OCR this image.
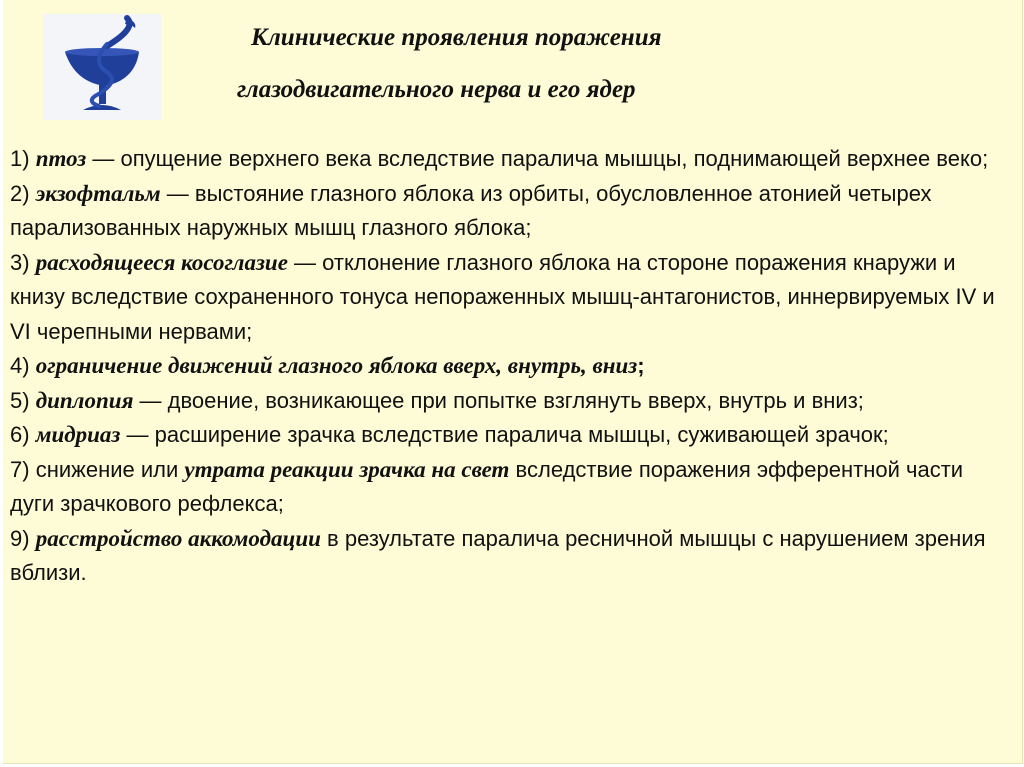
Клинические проявления поражения
глазодвигательного нерва и его ядер

1) птоз — опущение верхнего века вследствие паралича мышцы, поднимающей верхнее веко;

2) экзофтальм — выстояние глазного яблока из орбиты, обусловленное атонией четырех парализованных наружных мышц глазного яблока;

3) расходящееся косоглазие — отклонение глазного яблока на стороне поражения кнаружи и книзу вследствие сохраненного тонуса непораженных мышц-антагонистов, иннервируемых IV и VI черепными нервами;

4) ограничение движений глазного яблока вверх, внутрь, вниз;

5) диплопия — двоение, возникающее при попытке взглянуть вверх, внутрь и вниз;

6) мидриаз — расширение зрачка вследствие паралича мышцы, суживающей зрачок;

7) снижение или утрата реакции зрачка на свет вследствие поражения эфферентной части дуги зрачкового рефлекса;

9) расстройство аккомодации в результате паралича ресничной мышцы с нарушением зрения вблизи.
